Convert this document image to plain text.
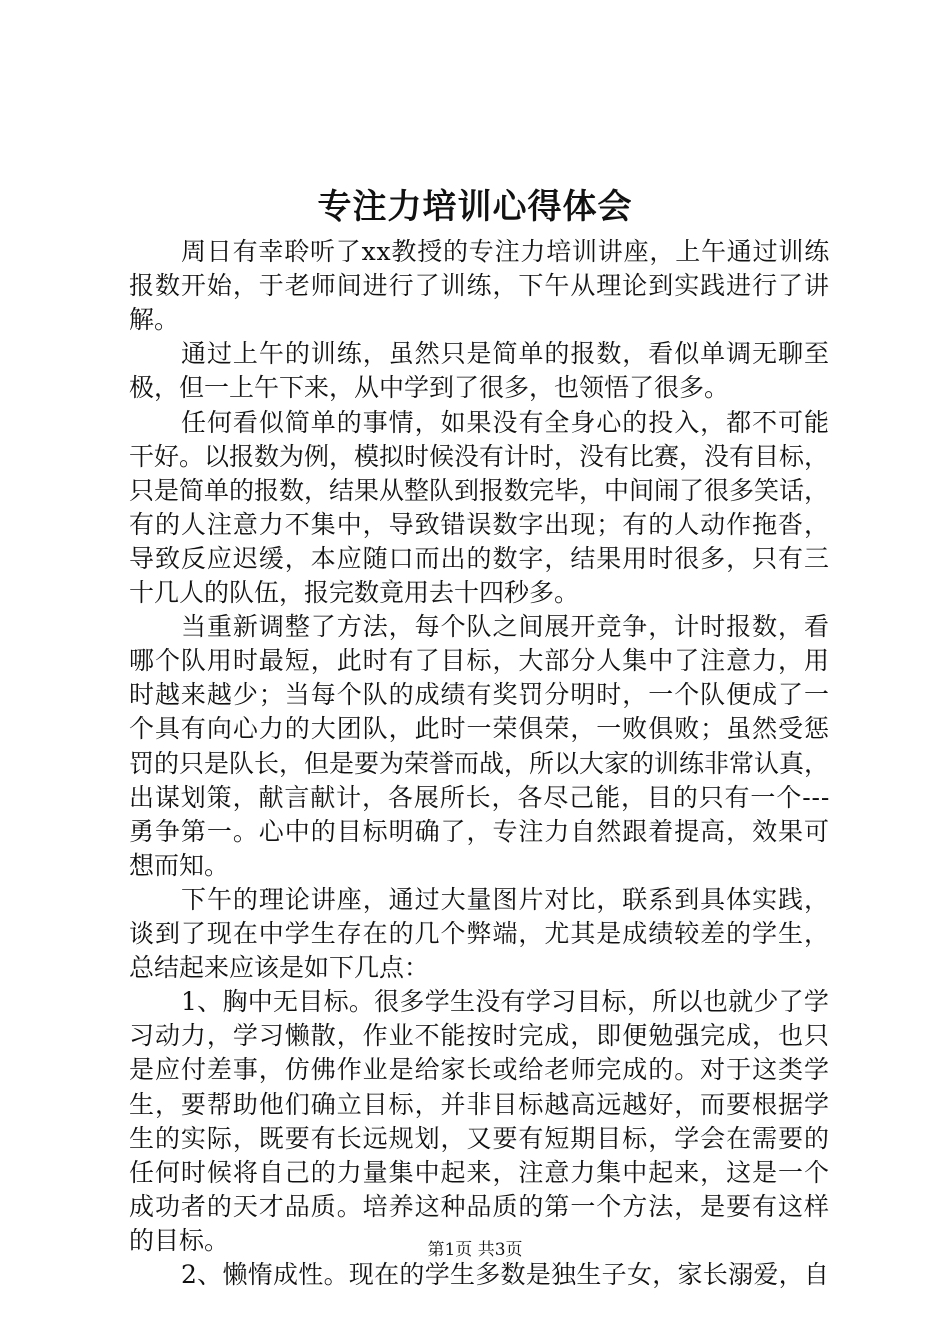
专注力培训心得体会
周日有幸聆听了xx教授的专注力培训讲座，上午通过训练
报数开始，于老师间进行了训练，下午从理论到实践进行了讲
解。
通过上午的训练，虽然只是简单的报数，看似单调无聊至
极，但一上午下来，从中学到了很多，也领悟了很多。
任何看似简单的事情，如果没有全身心的投入，都不可能
干好。以报数为例，模拟时候没有计时，没有比赛，没有目标，
只是简单的报数，结果从整队到报数完毕，中间闹了很多笑话，
有的人注意力不集中，导致错误数字出现；有的人动作拖沓，
导致反应迟缓，本应随口而出的数字，结果用时很多，只有三
十几人的队伍，报完数竟用去十四秒多。
当重新调整了方法，每个队之间展开竞争，计时报数，看
哪个队用时最短，此时有了目标，大部分人集中了注意力，用
时越来越少；当每个队的成绩有奖罚分明时，一个队便成了一
个具有向心力的大团队，此时一荣俱荣，一败俱败；虽然受惩
罚的只是队长，但是要为荣誉而战，所以大家的训练非常认真，
出谋划策，献言献计，各展所长，各尽己能，目的只有一个---
勇争第一。心中的目标明确了，专注力自然跟着提高，效果可
想而知。
下午的理论讲座，通过大量图片对比，联系到具体实践，
谈到了现在中学生存在的几个弊端，尤其是成绩较差的学生，
总结起来应该是如下几点：
1、胸中无目标。很多学生没有学习目标，所以也就少了学
习动力，学习懒散，作业不能按时完成，即便勉强完成，也只
是应付差事，仿佛作业是给家长或给老师完成的。对于这类学
生，要帮助他们确立目标，并非目标越高远越好，而要根据学
生的实际，既要有长远规划，又要有短期目标，学会在需要的
任何时候将自己的力量集中起来，注意力集中起来，这是一个
成功者的天才品质。培养这种品质的第一个方法，是要有这样
的目标。
2、懒惰成性。现在的学生多数是独生子女，家长溺爱，自
第1页 共3页
